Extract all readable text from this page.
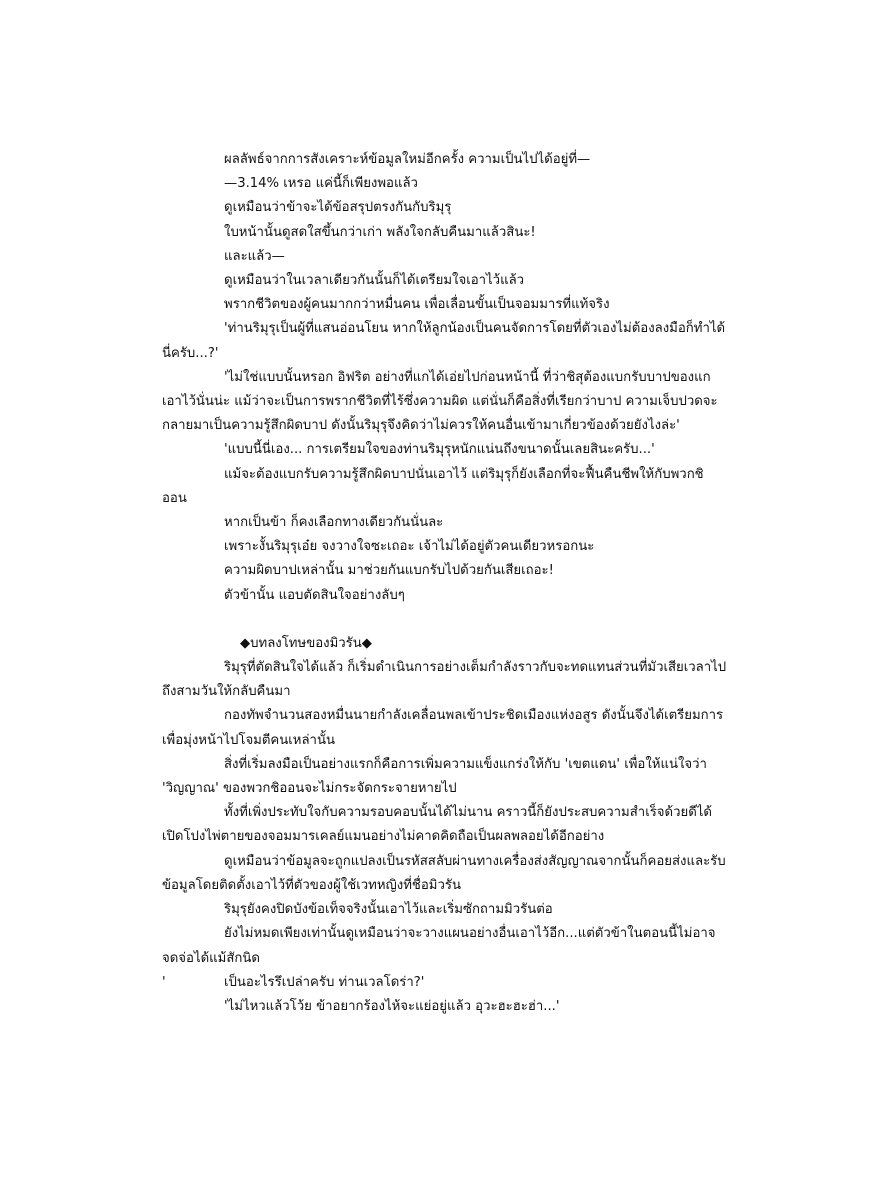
ผลลัพธ์จากการสังเคราะห์ข้อมูลใหม่อีกครั้ง ความเป็นไปได้อยู่ที่—

—3.14% เหรอ แค่นี้ก็เพียงพอแล้ว

ดูเหมือนว่าข้าจะได้ข้อสรุปตรงกันกับริมุรุ

ใบหน้านั้นดูสดใสขึ้นกว่าเก่า พลังใจกลับคืนมาแล้วสินะ!

และแล้ว—

ดูเหมือนว่าในเวลาเดียวกันนั้นก็ได้เตรียมใจเอาไว้แล้ว

พรากชีวิตของผู้คนมากกว่าหมื่นคน เพื่อเลื่อนขั้นเป็นจอมมารที่แท้จริง

'ท่านริมุรุเป็นผู้ที่แสนอ่อนโยน หากให้ลูกน้องเป็นคนจัดการโดยที่ตัวเองไม่ต้องลงมือก็ทำได้นี่ครับ...?'

'ไม่ใช่แบบนั้นหรอก อิฟริต อย่างที่แกได้เอ่ยไปก่อนหน้านี้ ที่ว่าชิสุต้องแบกรับบาปของแกเอาไว้นั่นน่ะ แม้ว่าจะเป็นการพรากชีวิตที่ไร้ซึ่งความผิด แต่นั่นก็คือสิ่งที่เรียกว่าบาป ความเจ็บปวดจะกลายมาเป็นความรู้สึกผิดบาป ดังนั้นริมุรุจึงคิดว่าไม่ควรให้คนอื่นเข้ามาเกี่ยวข้องด้วยยังไงล่ะ'

'แบบนี้นี่เอง... การเตรียมใจของท่านริมุรุหนักแน่นถึงขนาดนั้นเลยสินะครับ...'

แม้จะต้องแบกรับความรู้สึกผิดบาปนั่นเอาไว้ แต่ริมุรุก็ยังเลือกที่จะฟื้นคืนชีพให้กับพวกชิออน

หากเป็นข้า ก็คงเลือกทางเดียวกันนั่นละ

เพราะงั้นริมุรุเอ๋ย จงวางใจซะเถอะ เจ้าไม่ได้อยู่ตัวคนเดียวหรอกนะ

ความผิดบาปเหล่านั้น มาช่วยกันแบกรับไปด้วยกันเสียเถอะ!

ตัวข้านั้น แอบตัดสินใจอย่างลับๆ

◆บทลงโทษของมิวรัน◆

ริมุรุที่ตัดสินใจได้แล้ว ก็เริ่มดำเนินการอย่างเต็มกำลังราวกับจะทดแทนส่วนที่มัวเสียเวลาไปถึงสามวันให้กลับคืนมา

กองทัพจำนวนสองหมื่นนายกำลังเคลื่อนพลเข้าประชิดเมืองแห่งอสูร ดังนั้นจึงได้เตรียมการเพื่อมุ่งหน้าไปโจมตีคนเหล่านั้น

สิ่งที่เริ่มลงมือเป็นอย่างแรกก็คือการเพิ่มความแข็งแกร่งให้กับ 'เขตแดน' เพื่อให้แน่ใจว่า 'วิญญาณ' ของพวกชิออนจะไม่กระจัดกระจายหายไป

ทั้งที่เพิ่งประทับใจกับความรอบคอบนั้นได้ไม่นาน คราวนี้ก็ยังประสบความสำเร็จด้วยดีได้เปิดโปงไพ่ตายของจอมมารเคลย์แมนอย่างไม่คาดคิดถือเป็นผลพลอยได้อีกอย่าง

ดูเหมือนว่าข้อมูลจะถูกแปลงเป็นรหัสสลับผ่านทางเครื่องส่งสัญญาณจากนั้นก็คอยส่งและรับข้อมูลโดยติดตั้งเอาไว้ที่ตัวของผู้ใช้เวทหญิงที่ชื่อมิวรัน

ริมุรุยังคงปิดบังข้อเท็จจริงนั้นเอาไว้และเริ่มซักถามมิวรันต่อ

ยังไม่หมดเพียงเท่านั้นดูเหมือนว่าจะวางแผนอย่างอื่นเอาไว้อีก...แต่ตัวข้าในตอนนี้ไม่อาจจดจ่อได้แม้สักนิด

'	เป็นอะไรรึเปล่าครับ ท่านเวลโดร่า?'

'ไม่ไหวแล้วโว้ย ข้าอยากร้องไห้จะแย่อยู่แล้ว อุวะฮะฮะฮ่า...'
